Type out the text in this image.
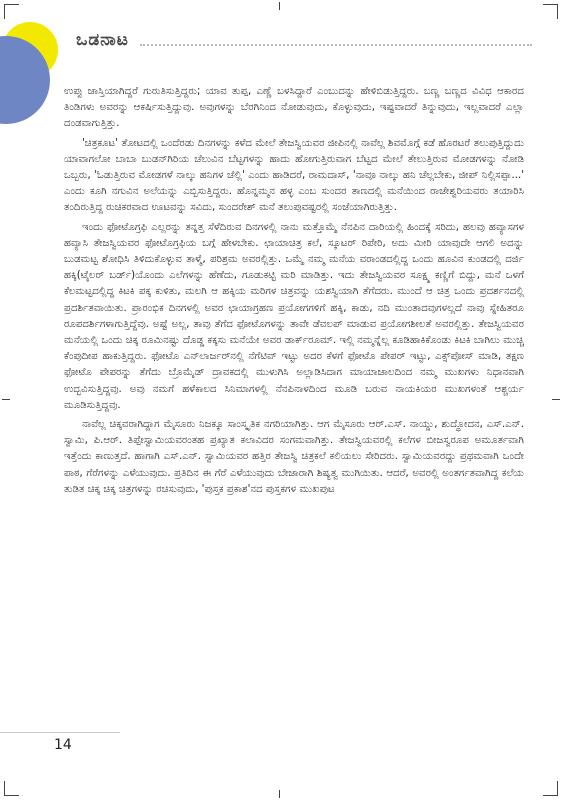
ಒಡನಾಟ

ಉಪ್ಪು ಜಾಸ್ತಿಯಾಗಿದ್ದರೆ ಗುರುತಿಸುತ್ತಿದ್ದರು; ಯಾವ ತುಪ್ಪ, ಎಣ್ಣೆ ಬಳಸಿದ್ದಾರೆ ಎಂಬುದನ್ನು ಹೇಳಿಬಿಡುತ್ತಿದ್ದರು. ಬಣ್ಣ ಬಣ್ಣದ ವಿವಿಧ ಆಕಾರದ ತಿಂಡಿಗಳು ಅವರನ್ನು ಆಕರ್ಷಿಸುತ್ತಿದ್ದುವು. ಅವುಗಳನ್ನು ಬೆರಗಿನಿಂದ ನೋಡುವುದು, ಕೊಳ್ಳುವುದು, ಇಷ್ಟವಾದರೆ ತಿನ್ನುವುದು, ಇಲ್ಲವಾದರೆ ಎಲ್ಲಾ ದಂಡವಾಗುತ್ತಿತ್ತು.

'ಚಿತ್ರಕೂಟ' ತೋಟದಲ್ಲಿ ಒಂದೆರಡು ದಿನಗಳನ್ನು ಕಳೆದ ಮೇಲೆ ತೇಜಸ್ವಿಯವರ ಜೀಪಿನಲ್ಲಿ ನಾವೆಲ್ಲ ಶಿವಮೊಗ್ಗೆ ಕಡೆ ಹೊರಟರೆ ತಲುಪುತ್ತಿದ್ದುದು ಯಾವಾಗಲೋ ಬಾಬಾ ಬುಡನ್‌ಗಿರಿಯ ಚೆಲುವಿನ ಬೆಟ್ಟಗಳನ್ನು ಹಾದು ಹೋಗುತ್ತಿರುವಾಗ ಬೆಟ್ಟದ ಮೇಲೆ ತೇಲುತ್ತಿರುವ ಮೋಡಗಳನ್ನು ನೋಡಿ ಒಬ್ಬರು, 'ಓಡುತ್ತಿರುವ ಮೋಡಗಳೆ ನಾಲ್ಕು ಹನಿಗಳ ಚೆಲ್ಲಿ' ಎಂದು ಹಾಡಿದರೆ, ರಾಮದಾಸ್, 'ನಾವೂ ನಾಲ್ಕು ಹನಿ ಚೆಲ್ಲಬೇಕು, ಜೀಪ್ ನಿಲ್ಲಿಸಪ್ಪಾ...' ಎಂದು ಕೂಗಿ ನಗುವಿನ ಅಲೆಯನ್ನು ಎಬ್ಬಿಸುತ್ತಿದ್ದರು. ಹೊನ್ನಮ್ಮನ ಹಳ್ಳ ಎಂಬ ಸುಂದರ ತಾಣದಲ್ಲಿ ಮನೆಯಿಂದ ರಾಜೇಶ್ವರಿಯವರು ತಯಾರಿಸಿ ತಂದಿರುತ್ತಿದ್ದ ರುಚಿಕರವಾದ ಊಟವನ್ನು ಸವಿದು, ಸುಂದರೇಶ್ ಮನೆ ತಲುಪುವಷ್ಟರಲ್ಲಿ ಸಂಜೆಯಾಗಿರುತ್ತಿತ್ತು.

ಇಂದು ಫೋಟೊಗ್ರಫಿ ಎಲ್ಲರನ್ನು ತನ್ನತ್ತ ಸೆಳೆದಿರುವ ದಿನಗಳಲ್ಲಿ ನಾನು ಮತ್ತೊಮ್ಮೆ ನೆನಪಿನ ದಾರಿಯಲ್ಲಿ ಹಿಂದಕ್ಕೆ ಸರಿದು, ಹಲವು ಹವ್ಯಾಸಗಳ ಹವ್ಯಾಸಿ ತೇಜಸ್ವಿಯವರ ಫೋಟೊಗ್ರಫಿಯ ಬಗ್ಗೆ ಹೇಳಬೇಕು. ಛಾಯಾಚಿತ್ರ ಕಲೆ, ಸ್ಕೂಟರ್ ರಿಪೇರಿ, ಅದು ಮೀರಿ ಯಾವುದೇ ಆಗಲಿ ಅದನ್ನು ಬುಡಮಟ್ಟ ಶೋಧಿಸಿ ತಿಳಿದುಕೊಳ್ಳುವ ತಾಳ್ಮೆ, ಪರಿಶ್ರಮ ಅವರಲ್ಲಿತ್ತು. ಒಮ್ಮೆ ನಮ್ಮ ಮನೆಯ ವರಾಂಡದಲ್ಲಿದ್ದ ಒಂದು ಹೂವಿನ ಕುಂಡದಲ್ಲಿ ದರ್ಜಿ ಹಕ್ಕಿ(ಟೈಲರ್ ಬರ್ಡ್)ಯೊಂದು ಎಲೆಗಳನ್ನು ಹೆಣೆದು, ಗೂಡುಕಟ್ಟಿ ಮರಿ ಮಾಡಿತ್ತು. ಇದು ತೇಜಸ್ವಿಯವರ ಸೂಕ್ಷ್ಮ ಕಣ್ಣಿಗೆ ಬಿದ್ದು, ಮನೆ ಒಳಗೆ ಕೆಲಮಟ್ಟದಲ್ಲಿದ್ದ ಕಿಟಕಿ ಪಕ್ಕ ಕುಳಿತು, ಮಲಗಿ ಆ ಹಕ್ಕಿಯ ಮರಿಗಳ ಚಿತ್ರವನ್ನು ಯಶಸ್ವಿಯಾಗಿ ತೆಗೆದರು. ಮುಂದೆ ಆ ಚಿತ್ರ ಒಂದು ಪ್ರದರ್ಶನದಲ್ಲಿ ಪ್ರದರ್ಶಿತವಾಯಿತು. ಪ್ರಾರಂಭಿಕ ದಿನಗಳಲ್ಲಿ ಅವರ ಛಾಯಾಗ್ರಹಣ ಪ್ರಯೋಗಗಳಿಗೆ ಹಕ್ಕಿ, ಕಾಡು, ನದಿ ಮುಂತಾದವುಗಳಲ್ಲದೆ ನಾವು ಸ್ನೇಹಿತರೂ ರೂಪದರ್ಶಿಗಳಾಗುತ್ತಿದ್ದೆವು. ಅಷ್ಟೆ ಅಲ್ಲ, ತಾವು ತೆಗೆದ ಫೋಟೊಗಳನ್ನು ತಾವೇ ಡೆವಲಪ್ ಮಾಡುವ ಪ್ರಯೋಗಶೀಲತೆ ಅವರಲ್ಲಿತ್ತು. ತೇಜಸ್ವಿಯವರ ಮನೆಯಲ್ಲಿ ಒಂದು ಚಿಕ್ಕ ರೂಮಿನಷ್ಟು ದೊಡ್ಡ ಕಕ್ಕಸು ಮನೆಯೇ ಅವರ ಡಾರ್ಕ್‌ರೂಮ್. ಇಲ್ಲಿ ನಮ್ಮನ್ನೆಲ್ಲ ಕೂಡಿಹಾಕಿಕೊಂಡು ಕಿಟಕಿ ಬಾಗಿಲು ಮುಚ್ಚಿ ಕೆಂಪುದೀಪ ಹಾಕುತ್ತಿದ್ದರು. ಫೋಟೊ ಎನ್‌ಲಾರ್ಜರ್‌ನಲ್ಲಿ ನೆಗೆಟಿವ್ ಇಟ್ಟು ಅದರ ಕೆಳಗೆ ಫೋಟೊ ಪೇಪರ್ ಇಟ್ಟು, ಎಕ್ಸ್‌ಪೋಸ್ ಮಾಡಿ, ತಕ್ಷಣ ಫೋಟೊ ಪೇಪರನ್ನು ತೆಗೆದು ಬ್ರೊಮೈಡ್ ದ್ರಾವಕದಲ್ಲಿ ಮುಳುಗಿಸಿ ಅಲ್ಲಾಡಿಸಿದಾಗ ಮಾಯಾಜಾಲದಿಂದ ನಮ್ಮ ಮುಖಗಳು ನಿಧಾನವಾಗಿ ಉದ್ಭವಿಸುತ್ತಿದ್ದವು. ಅವು ನಮಗೆ ಹಳೆಕಾಲದ ಸಿನಿಮಾಗಳಲ್ಲಿ ನೆನಪಿನಾಳದಿಂದ ಮೂಡಿ ಬರುವ ನಾಯಕಿಯರ ಮುಖಗಳಂತೆ ಆಶ್ಚರ್ಯ ಮೂಡಿಸುತ್ತಿದ್ದವು.

ನಾವೆಲ್ಲ ಚಿಕ್ಕವರಾಗಿದ್ದಾಗ ಮೈಸೂರು ನಿಜಕ್ಕೂ ಸಾಂಸ್ಕೃತಿಕ ನಗರಿಯಾಗಿತ್ತು. ಆಗ ಮೈಸೂರು ಆರ್.ಎಸ್. ನಾಯ್ಡು, ಶುದ್ಧೋದನ, ಎಸ್.ಎನ್. ಸ್ವಾಮಿ, ಪಿ.ಆರ್. ತಿಪ್ಪೇಸ್ವಾಮಿಯವರಂತಹ ಪ್ರಖ್ಯಾತ ಕಲಾವಿದರ ಸಂಗಮವಾಗಿತ್ತು. ತೇಜಸ್ವಿಯವರಲ್ಲಿ ಕಲೆಗಳ ಬೀಜಸ್ವರೂಪ ಅಮೂರ್ತವಾಗಿ ಇತ್ತೆಂದು ಕಾಣುತ್ತದೆ. ಹಾಗಾಗಿ ಎಸ್.ಎನ್. ಸ್ವಾಮಿಯವರ ಹತ್ತಿರ ತೇಜಸ್ವಿ ಚಿತ್ರಕಲೆ ಕಲಿಯಲು ಸೇರಿದರು. ಸ್ವಾಮಿಯವರದ್ದು ಪ್ರಥಮವಾಗಿ ಒಂದೇ ಪಾಠ, ಗೆರೆಗಳನ್ನು ಎಳೆಯುವುದು. ಪ್ರತಿದಿನ ಈ ಗೆರೆ ಎಳೆಯುವುದು ಬೇಜಾರಾಗಿ ಶಿಷ್ಯತ್ವ ಮುಗಿಯಿತು. ಆದರೆ, ಅವರಲ್ಲಿ ಅಂತರ್ಗತವಾಗಿದ್ದ ಕಲೆಯ ತುಡಿತ ಚಿಕ್ಕ ಚಿಕ್ಕ ಚಿತ್ರಗಳನ್ನು ರಚಿಸುವುದು, 'ಪುಸ್ತಕ ಪ್ರಕಾಶ'ನದ ಪುಸ್ತಕಗಳ ಮುಖಪುಟ

14
